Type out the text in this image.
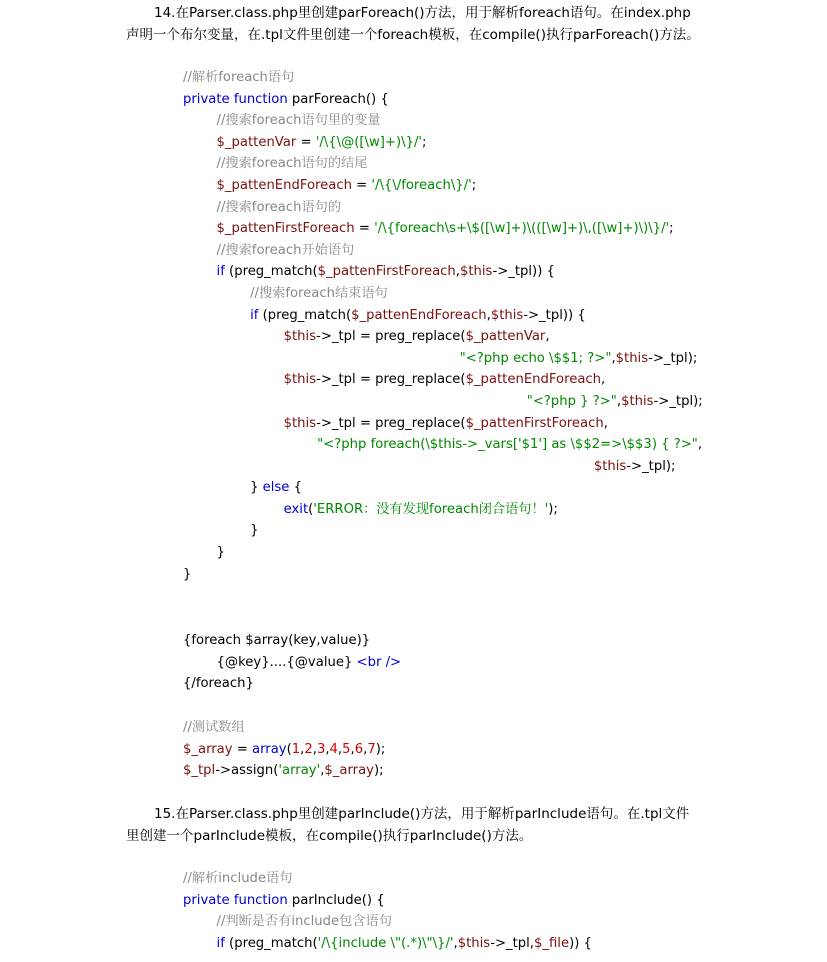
14.在Parser.class.php里创建parForeach()方法，用于解析foreach语句。在index.php
声明一个布尔变量，在.tpl文件里创建一个foreach模板，在compile()执行parForeach()方法。
//解析foreach语句
private function parForeach() {
//搜索foreach语句里的变量
$_pattenVar = '/\{\@([\w]+)\}/';
//搜索foreach语句的结尾
$_pattenEndForeach = '/\{\/foreach\}/';
//搜索foreach语句的
$_pattenFirstForeach = '/\{foreach\s+\$([\w]+)\(([\w]+)\,([\w]+)\)\}/';
//搜索foreach开始语句
if (preg_match($_pattenFirstForeach,$this->_tpl)) {
//搜索foreach结束语句
if (preg_match($_pattenEndForeach,$this->_tpl)) {
$this->_tpl = preg_replace($_pattenVar,
"<?php echo \$$1; ?>",$this->_tpl);
$this->_tpl = preg_replace($_pattenEndForeach,
"<?php } ?>",$this->_tpl);
$this->_tpl = preg_replace($_pattenFirstForeach,
"<?php foreach(\$this->_vars['$1'] as \$$2=>\$$3) { ?>",
$this->_tpl);
} else {
exit('ERROR：没有发现foreach闭合语句！');
}
}
}
{foreach $array(key,value)}
{@key}....{@value} <br />
{/foreach}
//测试数组
$_array = array(1,2,3,4,5,6,7);
$_tpl->assign('array',$_array);
15.在Parser.class.php里创建parInclude()方法，用于解析parInclude语句。在.tpl文件
里创建一个parInclude模板，在compile()执行parInclude()方法。
//解析include语句
private function parInclude() {
//判断是否有include包含语句
if (preg_match('/\{include \"(.*)\"\}/',$this->_tpl,$_file)) {
